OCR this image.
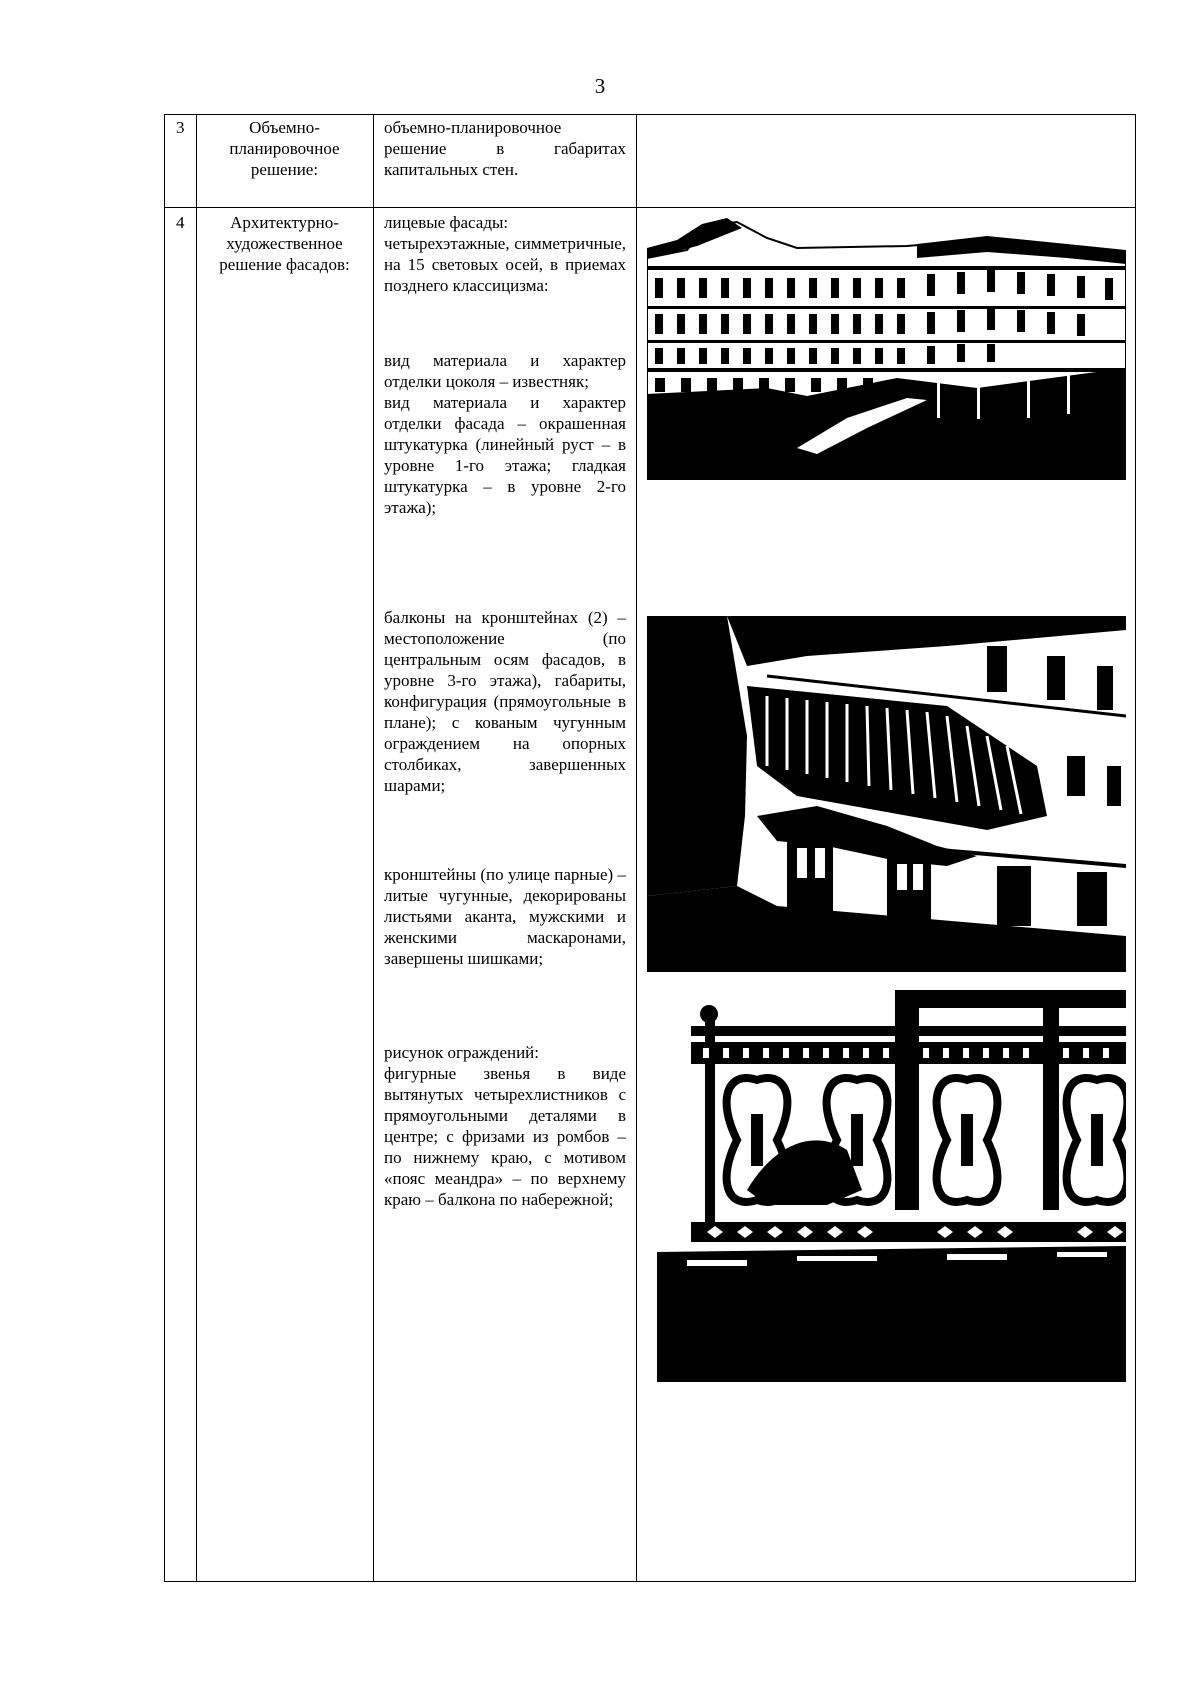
3
3	Объемно-
планировочное
решение:

объемно-планировочное решение в габаритах капитальных стен.

4	Архитектурно-
художественное
решение фасадов:

лицевые фасады:
четырехэтажные, симметричные, на 15 световых осей, в приемах позднего классицизма:

вид материала и характер отделки цоколя – известняк;
вид материала и характер отделки фасада – окрашенная штукатурка (линейный руст – в уровне 1-го этажа; гладкая штукатурка – в уровне 2-го этажа);

балконы на кронштейнах (2) – местоположение (по центральным осям фасадов, в уровне 3-го этажа), габариты, конфигурация (прямоугольные в плане); с кованым чугунным ограждением на опорных столбиках, завершенных шарами;

кронштейны (по улице парные) – литые чугунные, декорированы листьями аканта, мужскими и женскими маскаронами, завершены шишками;

рисунок ограждений:
фигурные звенья в виде вытянутых четырехлистников с прямоугольными деталями в центре; с фризами из ромбов – по нижнему краю, с мотивом «пояс меандра» – по верхнему краю – балкона по набережной;
